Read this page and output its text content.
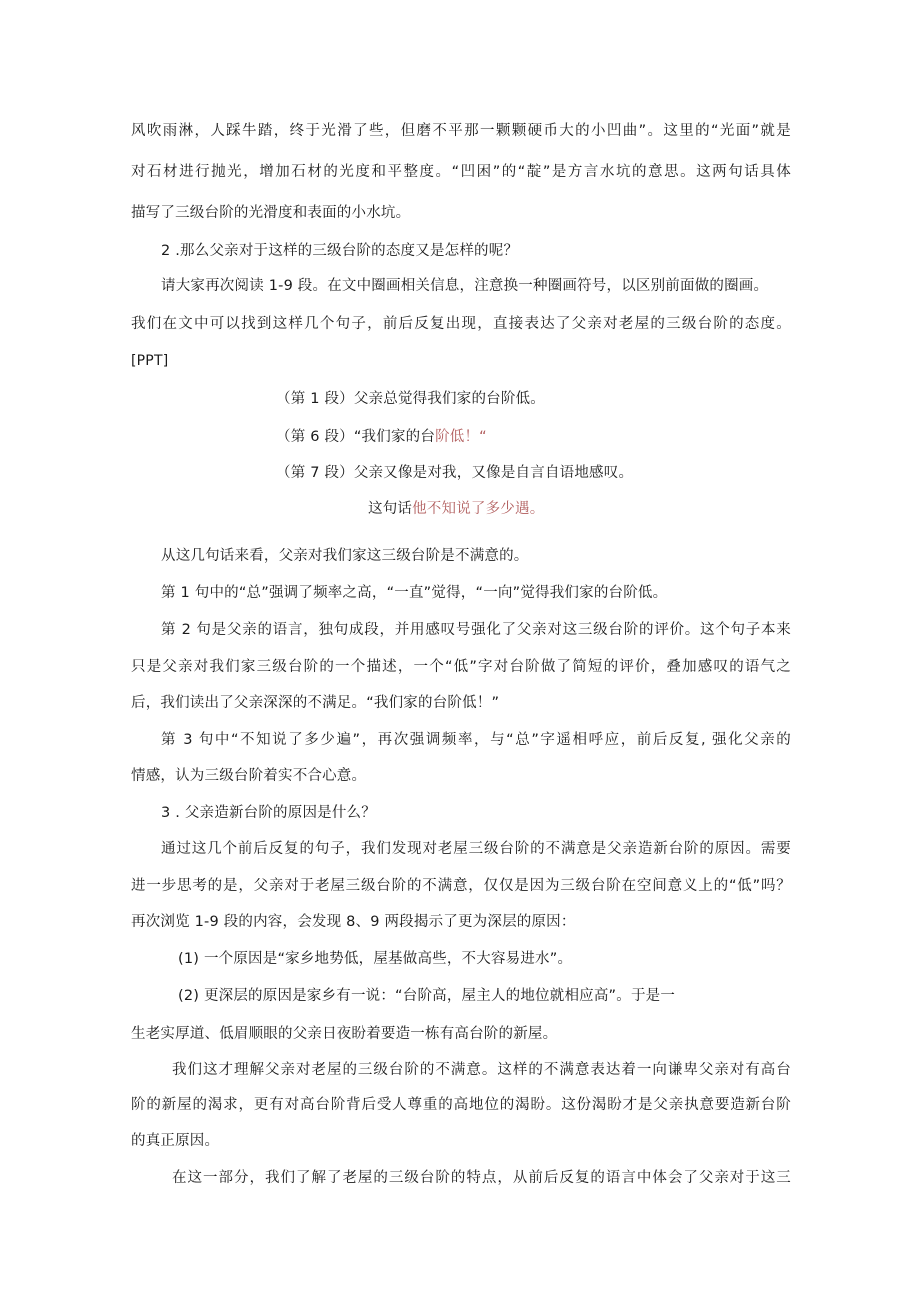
风吹雨淋，人踩牛踏，终于光滑了些，但磨不平那一颗颗硬币大的小凹曲”。这里的“光面”就是
对石材进行抛光，增加石材的光度和平整度。“凹困”的“靛”是方言水坑的意思。这两句话具体
描写了三级台阶的光滑度和表面的小水坑。
2 .那么父亲对于这样的三级台阶的态度又是怎样的呢？
请大家再次阅读 1-9 段。在文中圈画相关信息，注意换一种圈画符号，以区别前面做的圈画。
我们在文中可以找到这样几个句子，前后反复出现，直接表达了父亲对老屋的三级台阶的态度。
[PPT]
（第 1 段）父亲总觉得我们家的台阶低。
（第 6 段）“我们家的台阶低！“
（第 7 段）父亲又像是对我，又像是自言自语地感叹。
这句话他不知说了多少遇。
从这几句话来看，父亲对我们家这三级台阶是不满意的。
第 1 句中的“总”强调了频率之高，“一直”觉得，“一向”觉得我们家的台阶低。
第 2 句是父亲的语言，独句成段，并用感叹号强化了父亲对这三级台阶的评价。这个句子本来
只是父亲对我们家三级台阶的一个描述，一个“低”字对台阶做了简短的评价，叠加感叹的语气之
后，我们读出了父亲深深的不满足。“我们家的台阶低！”
第 3 句中“不知说了多少遍”，再次强调频率，与“总”字遥相呼应，前后反复, 强化父亲的
情感，认为三级台阶着实不合心意。
3 . 父亲造新台阶的原因是什么？
通过这几个前后反复的句子，我们发现对老屋三级台阶的不满意是父亲造新台阶的原因。需要
进一步思考的是，父亲对于老屋三级台阶的不满意，仅仅是因为三级台阶在空间意义上的“低”吗？
再次浏览 1-9 段的内容，会发现 8、9 两段揭示了更为深层的原因：
(1) 一个原因是“家乡地势低，屋基做高些，不大容易进水”。
(2) 更深层的原因是家乡有一说：“台阶高，屋主人的地位就相应高”。于是一
生老实厚道、低眉顺眼的父亲日夜盼着要造一栋有高台阶的新屋。
我们这才理解父亲对老屋的三级台阶的不满意。这样的不满意表达着一向谦卑父亲对有高台
阶的新屋的渴求，更有对高台阶背后受人尊重的高地位的渴盼。这份渴盼才是父亲执意要造新台阶
的真正原因。
在这一部分，我们了解了老屋的三级台阶的特点，从前后反复的语言中体会了父亲对于这三
